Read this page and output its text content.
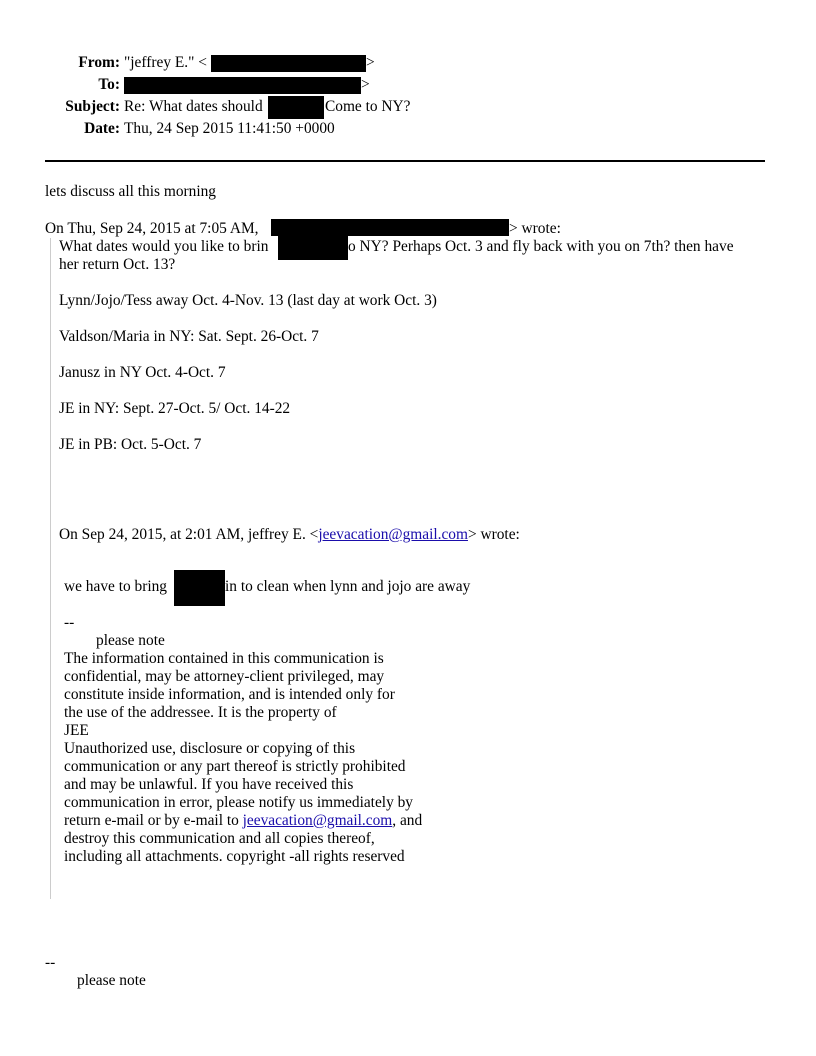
From: "jeffrey E." <	>
To:	>
Subject: Re: What dates should	Come to NY?
Date: Thu, 24 Sep 2015 11:41:50 +0000
lets discuss all this morning
On Thu, Sep 24, 2015 at 7:05 AM,	> wrote:
What dates would you like to brin	o NY? Perhaps Oct. 3 and fly back with you on 7th? then have
her return Oct. 13?
Lynn/Jojo/Tess away Oct. 4-Nov. 13 (last day at work Oct. 3)
Valdson/Maria in NY: Sat. Sept. 26-Oct. 7
Janusz in NY Oct. 4-Oct. 7
JE in NY: Sept. 27-Oct. 5/ Oct. 14-22
JE in PB: Oct. 5-Oct. 7
On Sep 24, 2015, at 2:01 AM, jeffrey E. <jeevacation@gmail.com> wrote:
we have to bring	in to clean when lynn and jojo are away
--
please note
The information contained in this communication is
confidential, may be attorney-client privileged, may
constitute inside information, and is intended only for
the use of the addressee. It is the property of
JEE
Unauthorized use, disclosure or copying of this
communication or any part thereof is strictly prohibited
and may be unlawful. If you have received this
communication in error, please notify us immediately by
return e-mail or by e-mail to jeevacation@gmail.com, and
destroy this communication and all copies thereof,
including all attachments. copyright -all rights reserved
--
please note
